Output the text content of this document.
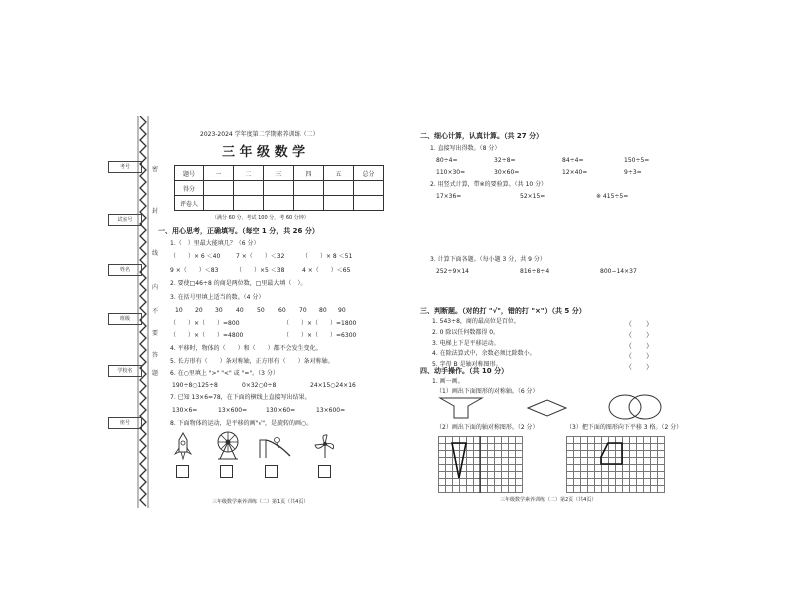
考号
试室号
姓名
班级
学校名
座号
密
封
线
内
不
要
答
题
2023-2024 学年度第二学期素养训练（二）
三 年 级 数 学
题号	一	二	三	四	五	总分
得分						
评卷人						
（满分 60 分，考试 100 分，考 60 分钟）
一、用心思考，正确填写。（每空 1 分，共 26 分）
1.（　）里最大能填几？（6 分）
（　　）× 6 ＜40	7 ×（　　）＜32	（　　）× 8 ＜51
9 ×（　　）＜83	（　　）×5 ＜38	4 ×（　　）＜65
2. 要使□46÷8 的商是两位数，□里最大填（　）。
3. 在括号里填上适当的数。（4 分）
10 20 30 40 50 60 70 80 90
（　　）×（　　）=800	（　　）×（　　）=1800
（　　）×（　　）=4800	（　　）×（　　）=6300
4. 平移时，物体的（　　）和（　　）都不会发生变化。
5. 长方形有（　　）条对称轴，正方形有（　　）条对称轴。
6. 在○里填上 ">" "<" 或 "="。（3 分）
190÷8○125÷8	0×32○0÷8	24×15○24×16
7. 已知 13×6=78，在下面的横线上直接写出结果。
130×6=	13×600=	130×60=	13×600=
8. 下面物体的运动，是平移的画"√"，是旋转的画○。
三年级数学素养训练（二）第1页（共4页）
二、细心计算，认真计算。（共 27 分）
1. 直接写出得数。（8 分）
80÷4=	32÷8=	84÷4=	150÷5=
110×30=	30×60=	12×40=	9÷3=
2. 用竖式计算，带※的要验算。（共 10 分）
17×36=	52×15=	※ 415÷5=
3. 计算下面各题。（每小题 3 分，共 9 分）
252÷9×14	816÷8÷4	800−14×37
三、判断题。（对的打 "√"，错的打 "×"）（共 5 分）
1. 543÷8，商的最高位是百位。
2. 0 除以任何数都得 0。
3. 电梯上下是平移运动。
4. 在除法算式中，余数必须比除数小。
5. 字母 B 是轴对称图形。
（　　）
（　　）
（　　）
（　　）
（　　）
四、动手操作。（共 10 分）
1. 画一画。
（1）画出下面图形的对称轴。（6 分）
（2）画出下面的轴对称图形。（2 分）	（3）把下面的图形向下平移 3 格。（2 分）
三年级数学素养训练（二）第2页（共4页）
